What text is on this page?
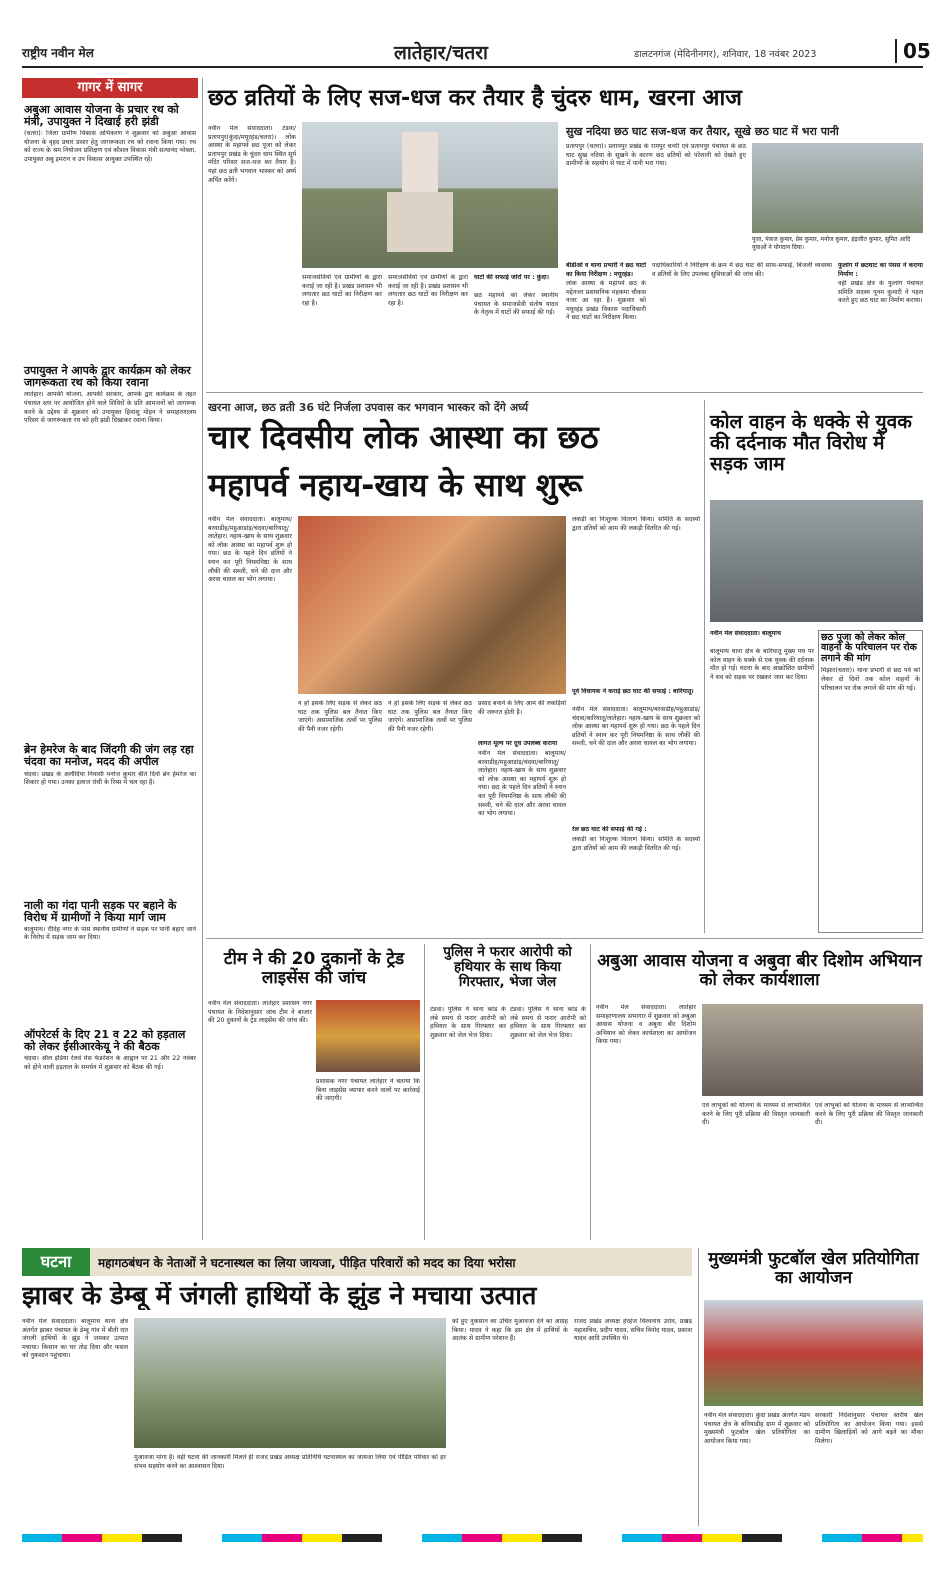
राष्ट्रीय नवीन मेल	लातेहार/चतरा	डालटनगंज (मेदिनीनगर), शनिवार, 18 नवंबर 2023	05
गागर में सागर
अबुआ आवास योजना के प्रचार रथ को मंत्री, उपायुक्त ने दिखाई हरी झंडी
(चतरा): जिला ग्रामीण विकास अभिकरण ने शुक्रवार को अबुआ आवास योजना के वृहद प्रचार प्रसार हेतु जागरूकता रथ को रवाना किया गया। रथ को राज्य के श्रम नियोजन प्रशिक्षण एवं कौशल विकास मंत्री सत्यानंद भोक्ता, उपायुक्त अबु इमरान व उप विकास आयुक्त उपस्थित रहे।
उपायुक्त ने आपके द्वार कार्यक्रम को लेकर जागरूकता रथ को किया रवाना
लातेहार। आपकी योजना, आपकी सरकार, आपके द्वार कार्यक्रम के तहत पंचायत स्तर पर आयोजित होने वाले शिविरों के प्रति आमजनों को जागरूक करने के उद्देश्य से शुक्रवार को उपायुक्त हिमांशु मोहन ने समाहरणालय परिसर से जागरूकता रथ को हरी झंडी दिखाकर रवाना किया।
ब्रेन हेमरेज के बाद जिंदगी की जंग लड़ रहा चंदवा का मनोज, मदद की अपील
चंदवा। प्रखंड के अलौदिया निवासी मनोज कुमार बीते दिनों ब्रेन हेमरेज का शिकार हो गया। उनका इलाज रांची के रिम्स में चल रहा है।
नाली का गंदा पानी सड़क पर बहाने के विरोध में ग्रामीणों ने किया मार्ग जाम
बालूमाथ। रौंदिह नगर के पास स्थानीय ग्रामीणों ने सड़क पर पानी बहाए जाने के विरोध में सड़क जाम कर दिया।
ऑपरेटर्स के दिए 21 व 22 को हड़ताल को लेकर ईसीआरकेयू ने की बैठक
चंदवा। ऑल इंडिया रेलवे मेंस फेडरेशन के आह्वान पर 21 और 22 नवंबर को होने वाली हड़ताल के समर्थन में शुक्रवार को बैठक की गई।
छठ व्रतियों के लिए सज-धज कर तैयार है चुंदरु धाम, खरना आज
नवीन मेल संवाददाता। टंडवा/प्रतापपुर(कुंदा/मयूरहंड/चतरा)। लोक आस्था के महापर्व छठ पूजा को लेकर प्रतापपुर प्रखंड के चुंदरु धाम स्थित सूर्य मंदिर परिसर सज-धज कर तैयार है। यहां छठ व्रती भगवान भास्कर को अर्घ्य अर्पित करेंगे।
समाजसेवियों एवं ग्रामीणों के द्वारा कराई जा रही है। प्रखंड प्रशासन भी लगातार छठ घाटों का निरीक्षण कर रहा है।
समाजसेवियों एवं ग्रामीणों के द्वारा कराई जा रही है। प्रखंड प्रशासन भी लगातार छठ घाटों का निरीक्षण कर रहा है।
घाटों की सफाई जोरों पर : कुंदा।
छठ महापर्व को लेकर स्थानीय पंचायत के समाजसेवी संतोष यादव के नेतृत्व में घाटों की सफाई की गई।
सुख नदिया छठ घाट सज-धज कर तैयार, सूखे छठ घाट में भरा पानी
प्रतापपुर (चतरा)। प्रतापपुर प्रखंड के रामपुर चनरी एवं प्रतापपुर पंचायत के छठ घाट सुख नदिया के सूखने के कारण छठ व्रतियों को परेशानी को देखते हुए ग्रामीणों के सहयोग से घाट में पानी भरा गया।
पूजा, पंकज कुमार, प्रेम कुमार, मनोज कुमार, इंद्रजीत कुमार, सुमित आदि युवाओं ने योगदान दिया।
बीडीओ व थाना प्रभारी ने छठ घाटों का किया निरीक्षण : मयूरहंड।
लोक आस्था के महापर्व छठ के मद्देनजर प्रशासनिक महकमा चौकस नजर आ रहा है। शुक्रवार को मयूरहंड प्रखंड विकास पदाधिकारी ने छठ घाटों का निरीक्षण किया।
पदाधिकारियों ने निरीक्षण के क्रम में छठ घाट की साफ-सफाई, बिजली व्यवस्था व व्रतियों के लिए उपलब्ध सुविधाओं की जांच की।
फुलांग में छठघाट का पंसस ने कराया निर्माण :
वहीं प्रखंड क्षेत्र के फुलांग पंचायत समिति सदस्य पूनम कुमारी ने पहल करते हुए छठ घाट का निर्माण कराया।
खरना आज, छठ व्रती 36 घंटे निर्जला उपवास कर भगवान भास्कर को देंगे अर्घ्य
चार दिवसीय लोक आस्था का छठ
महापर्व नहाय-खाय के साथ शुरू
नवीन मेल संवाददाता। बालूमाथ/बरवाडीह/महुआडांड़/चंदवा/बारियातू/लातेहार। नहाय-खाय के साथ शुक्रवार को लोक आस्था का महापर्व शुरू हो गया। छठ के पहले दिन व्रतियों ने स्नान कर पूरी नियमनिष्ठा के साथ लौकी की सब्जी, चने की दाल और अरवा चावल का भोग लगाया।
न हो इसके लिए सड़क से लेकर छठ घाट तक पुलिस बल तैनात किए जाएंगे। असामाजिक तत्वों पर पुलिस की पैनी नजर रहेगी।
न हो इसके लिए सड़क से लेकर छठ घाट तक पुलिस बल तैनात किए जाएंगे। असामाजिक तत्वों पर पुलिस की पैनी नजर रहेगी।
प्रसाद बनाने के लिए आम की लकड़ियों की जरूरत होती है।
लागत मूल्य पर दूध उपलब्ध कराया
नवीन मेल संवाददाता। बालूमाथ/बरवाडीह/महुआडांड़/चंदवा/बारियातू/लातेहार। नहाय-खाय के साथ शुक्रवार को लोक आस्था का महापर्व शुरू हो गया। छठ के पहले दिन व्रतियों ने स्नान कर पूरी नियमनिष्ठा के साथ लौकी की सब्जी, चने की दाल और अरवा चावल का भोग लगाया।
लकड़ी का निःशुल्क वितरण किया। समिति के सदस्यों द्वारा व्रतियों को आम की लकड़ी वितरित की गई।
पूर्व विधायक ने कराई छठ घाट की सफाई : बारियातू।
नवीन मेल संवाददाता। बालूमाथ/बरवाडीह/महुआडांड़/चंदवा/बारियातू/लातेहार। नहाय-खाय के साथ शुक्रवार को लोक आस्था का महापर्व शुरू हो गया। छठ के पहले दिन व्रतियों ने स्नान कर पूरी नियमनिष्ठा के साथ लौकी की सब्जी, चने की दाल और अरवा चावल का भोग लगाया।
रेल छठ घाट की सफाई की गई :
लकड़ी का निःशुल्क वितरण किया। समिति के सदस्यों द्वारा व्रतियों को आम की लकड़ी वितरित की गई।
कोल वाहन के धक्के से युवक की दर्दनाक मौत विरोध में सड़क जाम
नवीन मेल संवाददाता। बालूमाथ
बालूमाथ थाना क्षेत्र के बारियातू मुख्य पथ पर कोल वाहन के धक्के से एक युवक की दर्दनाक मौत हो गई। घटना के बाद आक्रोशित ग्रामीणों ने शव को सड़क पर रखकर जाम कर दिया।
छठ पूजा को लेकर कोल वाहनों के परिचालन पर रोक लगाने की मांग
मिझार(चतरा)। थाना प्रभारी से छठ पर्व को लेकर दो दिनों तक कोल वाहनों के परिचालन पर रोक लगाने की मांग की गई।
टीम ने की 20 दुकानों के ट्रेड लाइसेंस की जांच
नवीन मेल संवाददाता। लातेहार प्रशासन नगर पंचायत के निदेशानुसार जांच टीम ने बाजार की 20 दुकानों के ट्रेड लाइसेंस की जांच की।
प्रशासक नगर पंचायत लातेहार ने बताया कि बिना लाइसेंस व्यापार करने वालों पर कार्रवाई की जाएगी।
पुलिस ने फरार आरोपी को हथियार के साथ किया गिरफ्तार, भेजा जेल
टंडवा। पुलिस ने थाना कांड के लंबे समय से फरार आरोपी को हथियार के साथ गिरफ्तार कर शुक्रवार को जेल भेज दिया।
टंडवा। पुलिस ने थाना कांड के लंबे समय से फरार आरोपी को हथियार के साथ गिरफ्तार कर शुक्रवार को जेल भेज दिया।
अबुआ आवास योजना व अबुवा बीर दिशोम अभियान को लेकर कार्यशाला
नवीन मेल संवाददाता। लातेहार समाहरणालय सभागार में शुक्रवार को अबुआ आवास योजना व अबुवा बीर दिशोम अभियान को लेकर कार्यशाला का आयोजन किया गया।
एवं लाभुकों को योजना के माध्यम से लाभान्वित करने के लिए पूरी प्रक्रिया की विस्तृत जानकारी दी।
एवं लाभुकों को योजना के माध्यम से लाभान्वित करने के लिए पूरी प्रक्रिया की विस्तृत जानकारी दी।
घटना	महागठबंधन के नेताओं ने घटनास्थल का लिया जायजा, पीड़ित परिवारों को मदद का दिया भरोसा
झाबर के डेम्बू में जंगली हाथियों के झुंड ने मचाया उत्पात
नवीन मेल संवाददाता। बालूमाथ थाना क्षेत्र अंतर्गत झाबर पंचायत के डेम्बू गांव में बीती रात जंगली हाथियों के झुंड ने जमकर उत्पात मचाया। किसान का घर तोड़ दिया और फसल को नुकसान पहुंचाया।
मुआवजा मांगा है। वहीं घटना की जानकारी मिलते ही राजद प्रखंड अध्यक्ष प्रतिनिधि घटनास्थल का जायजा लिया एवं पीड़ित परिवार को हर संभव सहयोग करने का आश्वासन दिया।
को हुए नुकसान का उचित मुआवजा देने का आग्रह किया। यादव ने कहा कि इस क्षेत्र में हाथियों के आतंक से ग्रामीण परेशान हैं।
राजद प्रखंड अध्यक्ष हेरहंज विश्वनाथ उरांव, प्रखंड महासचिव, प्रदीप यादव, सचिव विनोद यादव, प्रकाश यादव आदि उपस्थित थे।
मुख्यमंत्री फुटबॉल खेल प्रतियोगिता का आयोजन
नवीन मेल संवाददाता। कुंदा प्रखंड अंतर्गत मंडप पंचायत क्षेत्र के बनियाडीह ग्राम में शुक्रवार को मुख्यमंत्री फुटबॉल खेल प्रतियोगिता का आयोजन किया गया।
सरकारी निर्देशानुसार पंचायत स्तरीय खेल प्रतियोगिता का आयोजन किया गया। इससे ग्रामीण खिलाड़ियों को आगे बढ़ने का मौका मिलेगा।
